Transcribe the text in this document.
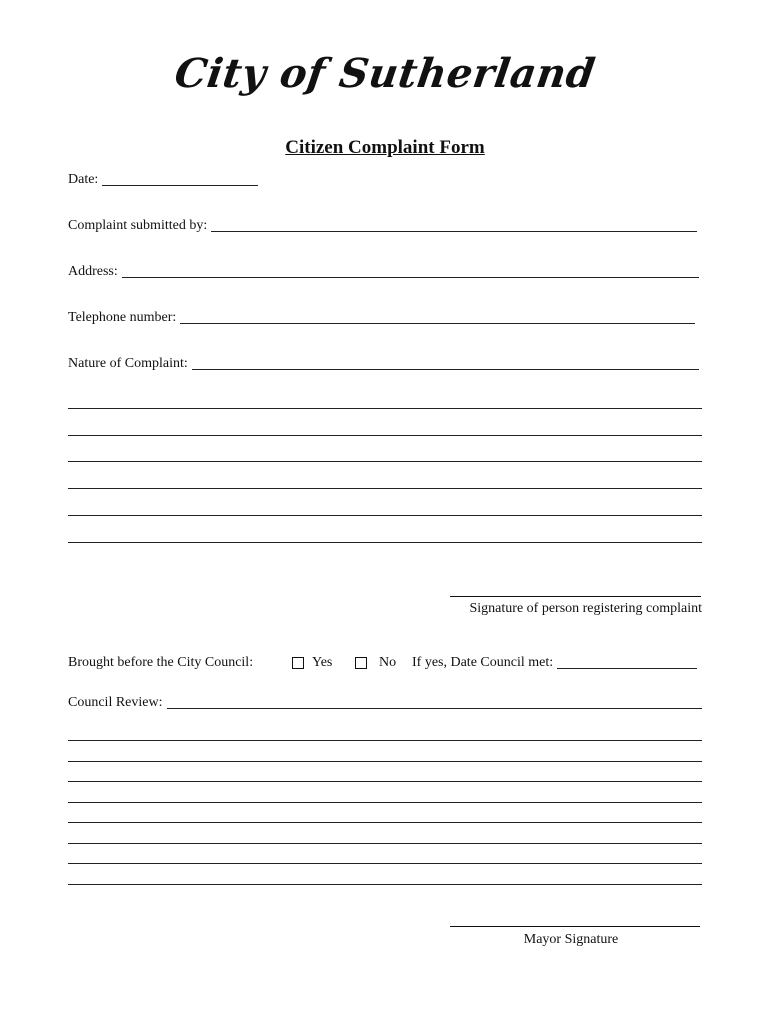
City of Sutherland
Citizen Complaint Form
Date:
Complaint submitted by:
Address:
Telephone number:
Nature of Complaint:
Signature of person registering complaint
Brought before the City Council:	Yes	No If yes, Date Council met:
Council Review:
Mayor Signature
